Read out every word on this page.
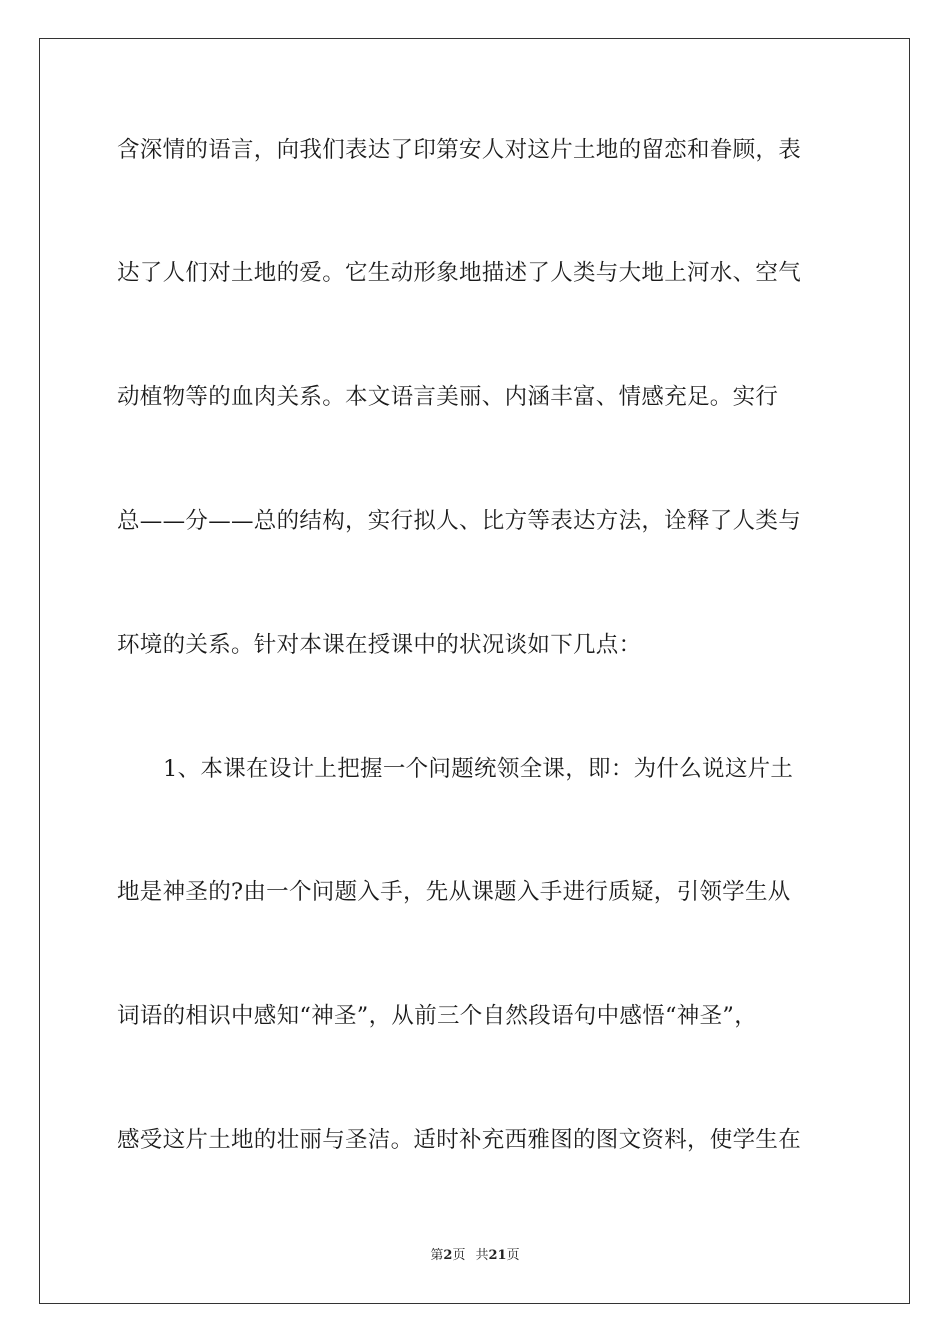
含深情的语言，向我们表达了印第安人对这片土地的留恋和眷顾，表
达了人们对土地的爱。它生动形象地描述了人类与大地上河水、空气
动植物等的血肉关系。本文语言美丽、内涵丰富、情感充足。实行
总——分——总的结构，实行拟人、比方等表达方法，诠释了人类与
环境的关系。针对本课在授课中的状况谈如下几点：
1、本课在设计上把握一个问题统领全课，即：为什么说这片土
地是神圣的?由一个问题入手，先从课题入手进行质疑，引领学生从
词语的相识中感知“神圣”，从前三个自然段语句中感悟“神圣”，
感受这片土地的壮丽与圣洁。适时补充西雅图的图文资料，使学生在
第2页 共21页
